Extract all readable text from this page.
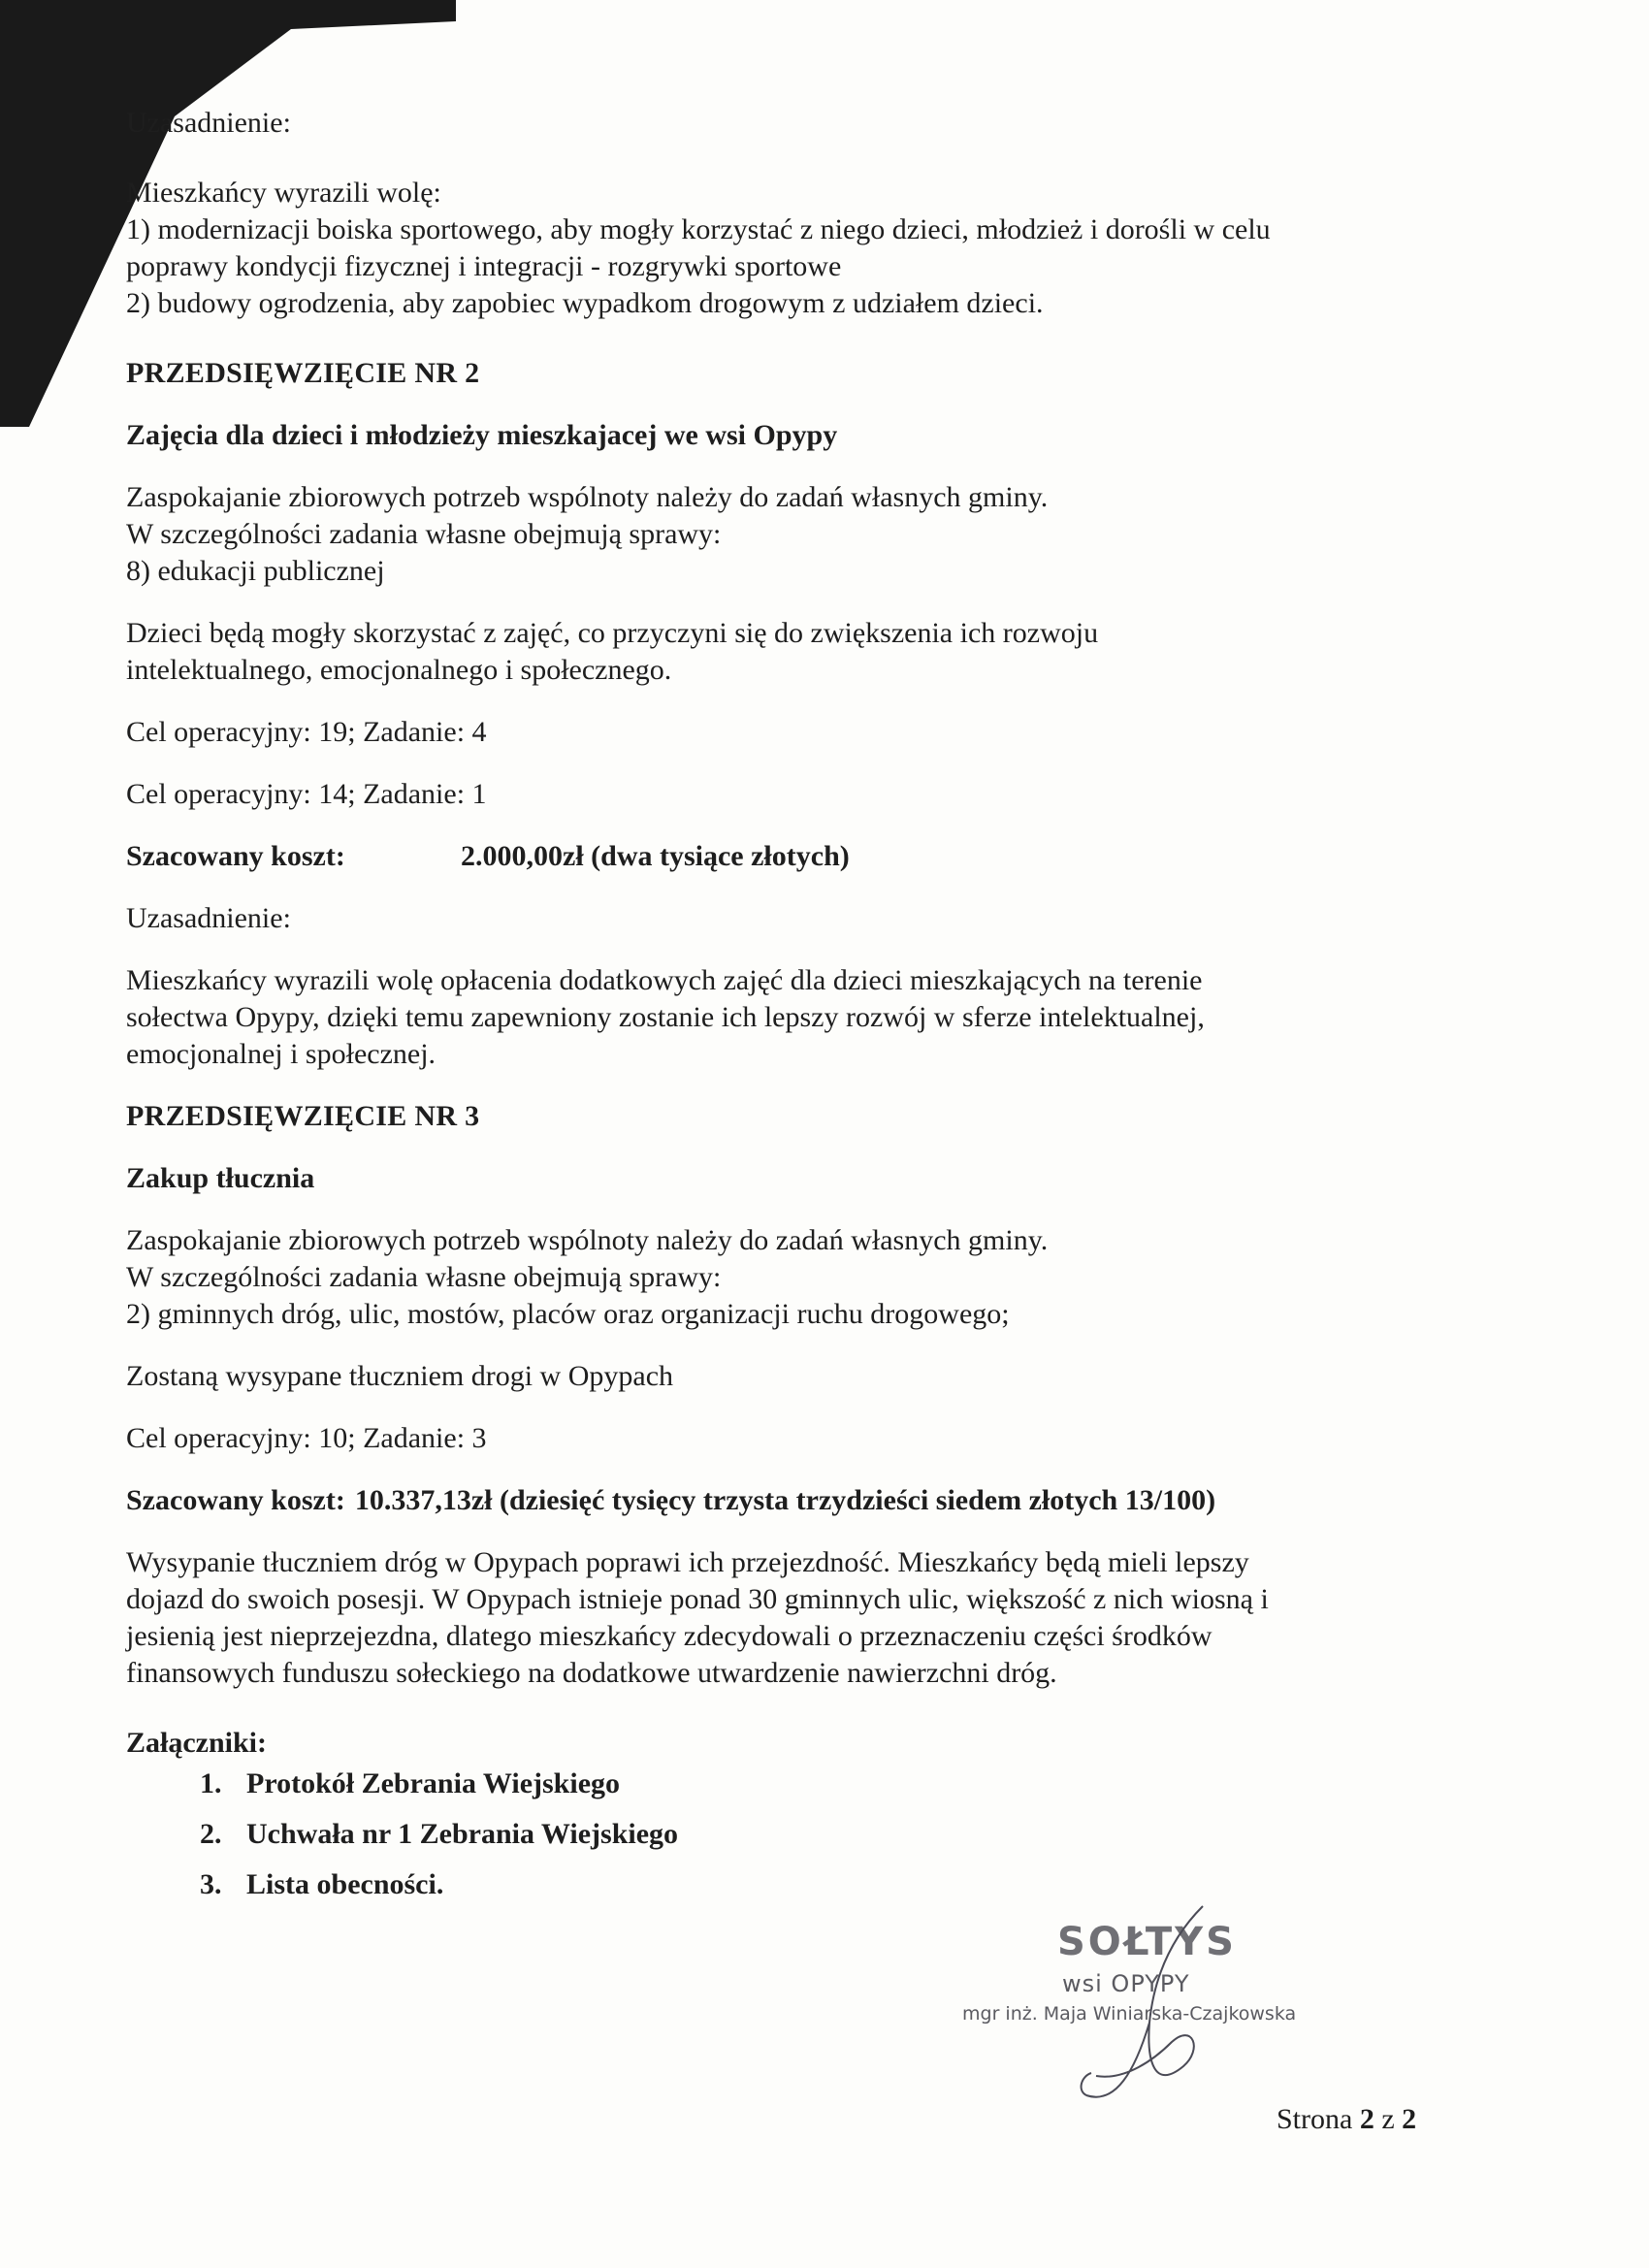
Uzasadnienie:

Mieszkańcy wyrazili wolę:

1) modernizacji boiska sportowego, aby mogły korzystać z niego dzieci, młodzież i dorośli w celu

poprawy kondycji fizycznej i integracji - rozgrywki sportowe

2) budowy ogrodzenia, aby zapobiec wypadkom drogowym z udziałem dzieci.

PRZEDSIĘWZIĘCIE NR 2

Zajęcia dla dzieci i młodzieży mieszkajacej we wsi Opypy

Zaspokajanie zbiorowych potrzeb wspólnoty należy do zadań własnych gminy.

W szczególności zadania własne obejmują sprawy:

8) edukacji publicznej

Dzieci będą mogły skorzystać z zajęć, co przyczyni się do zwiększenia ich rozwoju

intelektualnego, emocjonalnego i społecznego.

Cel operacyjny: 19; Zadanie: 4

Cel operacyjny: 14; Zadanie: 1

Szacowany koszt:	2.000,00zł (dwa tysiące złotych)

Uzasadnienie:

Mieszkańcy wyrazili wolę opłacenia dodatkowych zajęć dla dzieci mieszkających na terenie

sołectwa Opypy, dzięki temu zapewniony zostanie ich lepszy rozwój w sferze intelektualnej,

emocjonalnej i społecznej.

PRZEDSIĘWZIĘCIE NR 3

Zakup tłucznia

Zaspokajanie zbiorowych potrzeb wspólnoty należy do zadań własnych gminy.

W szczególności zadania własne obejmują sprawy:

2) gminnych dróg, ulic, mostów, placów oraz organizacji ruchu drogowego;

Zostaną wysypane tłuczniem drogi w Opypach

Cel operacyjny: 10; Zadanie: 3

Szacowany koszt: 10.337,13zł (dziesięć tysięcy trzysta trzydzieści siedem złotych 13/100)

Wysypanie tłuczniem dróg w Opypach poprawi ich przejezdność. Mieszkańcy będą mieli lepszy

dojazd do swoich posesji. W Opypach istnieje ponad 30 gminnych ulic, większość z nich wiosną i

jesienią jest nieprzejezdna, dlatego mieszkańcy zdecydowali o przeznaczeniu części środków

finansowych funduszu sołeckiego na dodatkowe utwardzenie nawierzchni dróg.

Załączniki:

1. Protokół Zebrania Wiejskiego
2. Uchwała nr 1 Zebrania Wiejskiego
3. Lista obecności.
SOŁTYS
wsi OPYPY
mgr inż. Maja Winiarska-Czajkowska
Strona 2 z 2
